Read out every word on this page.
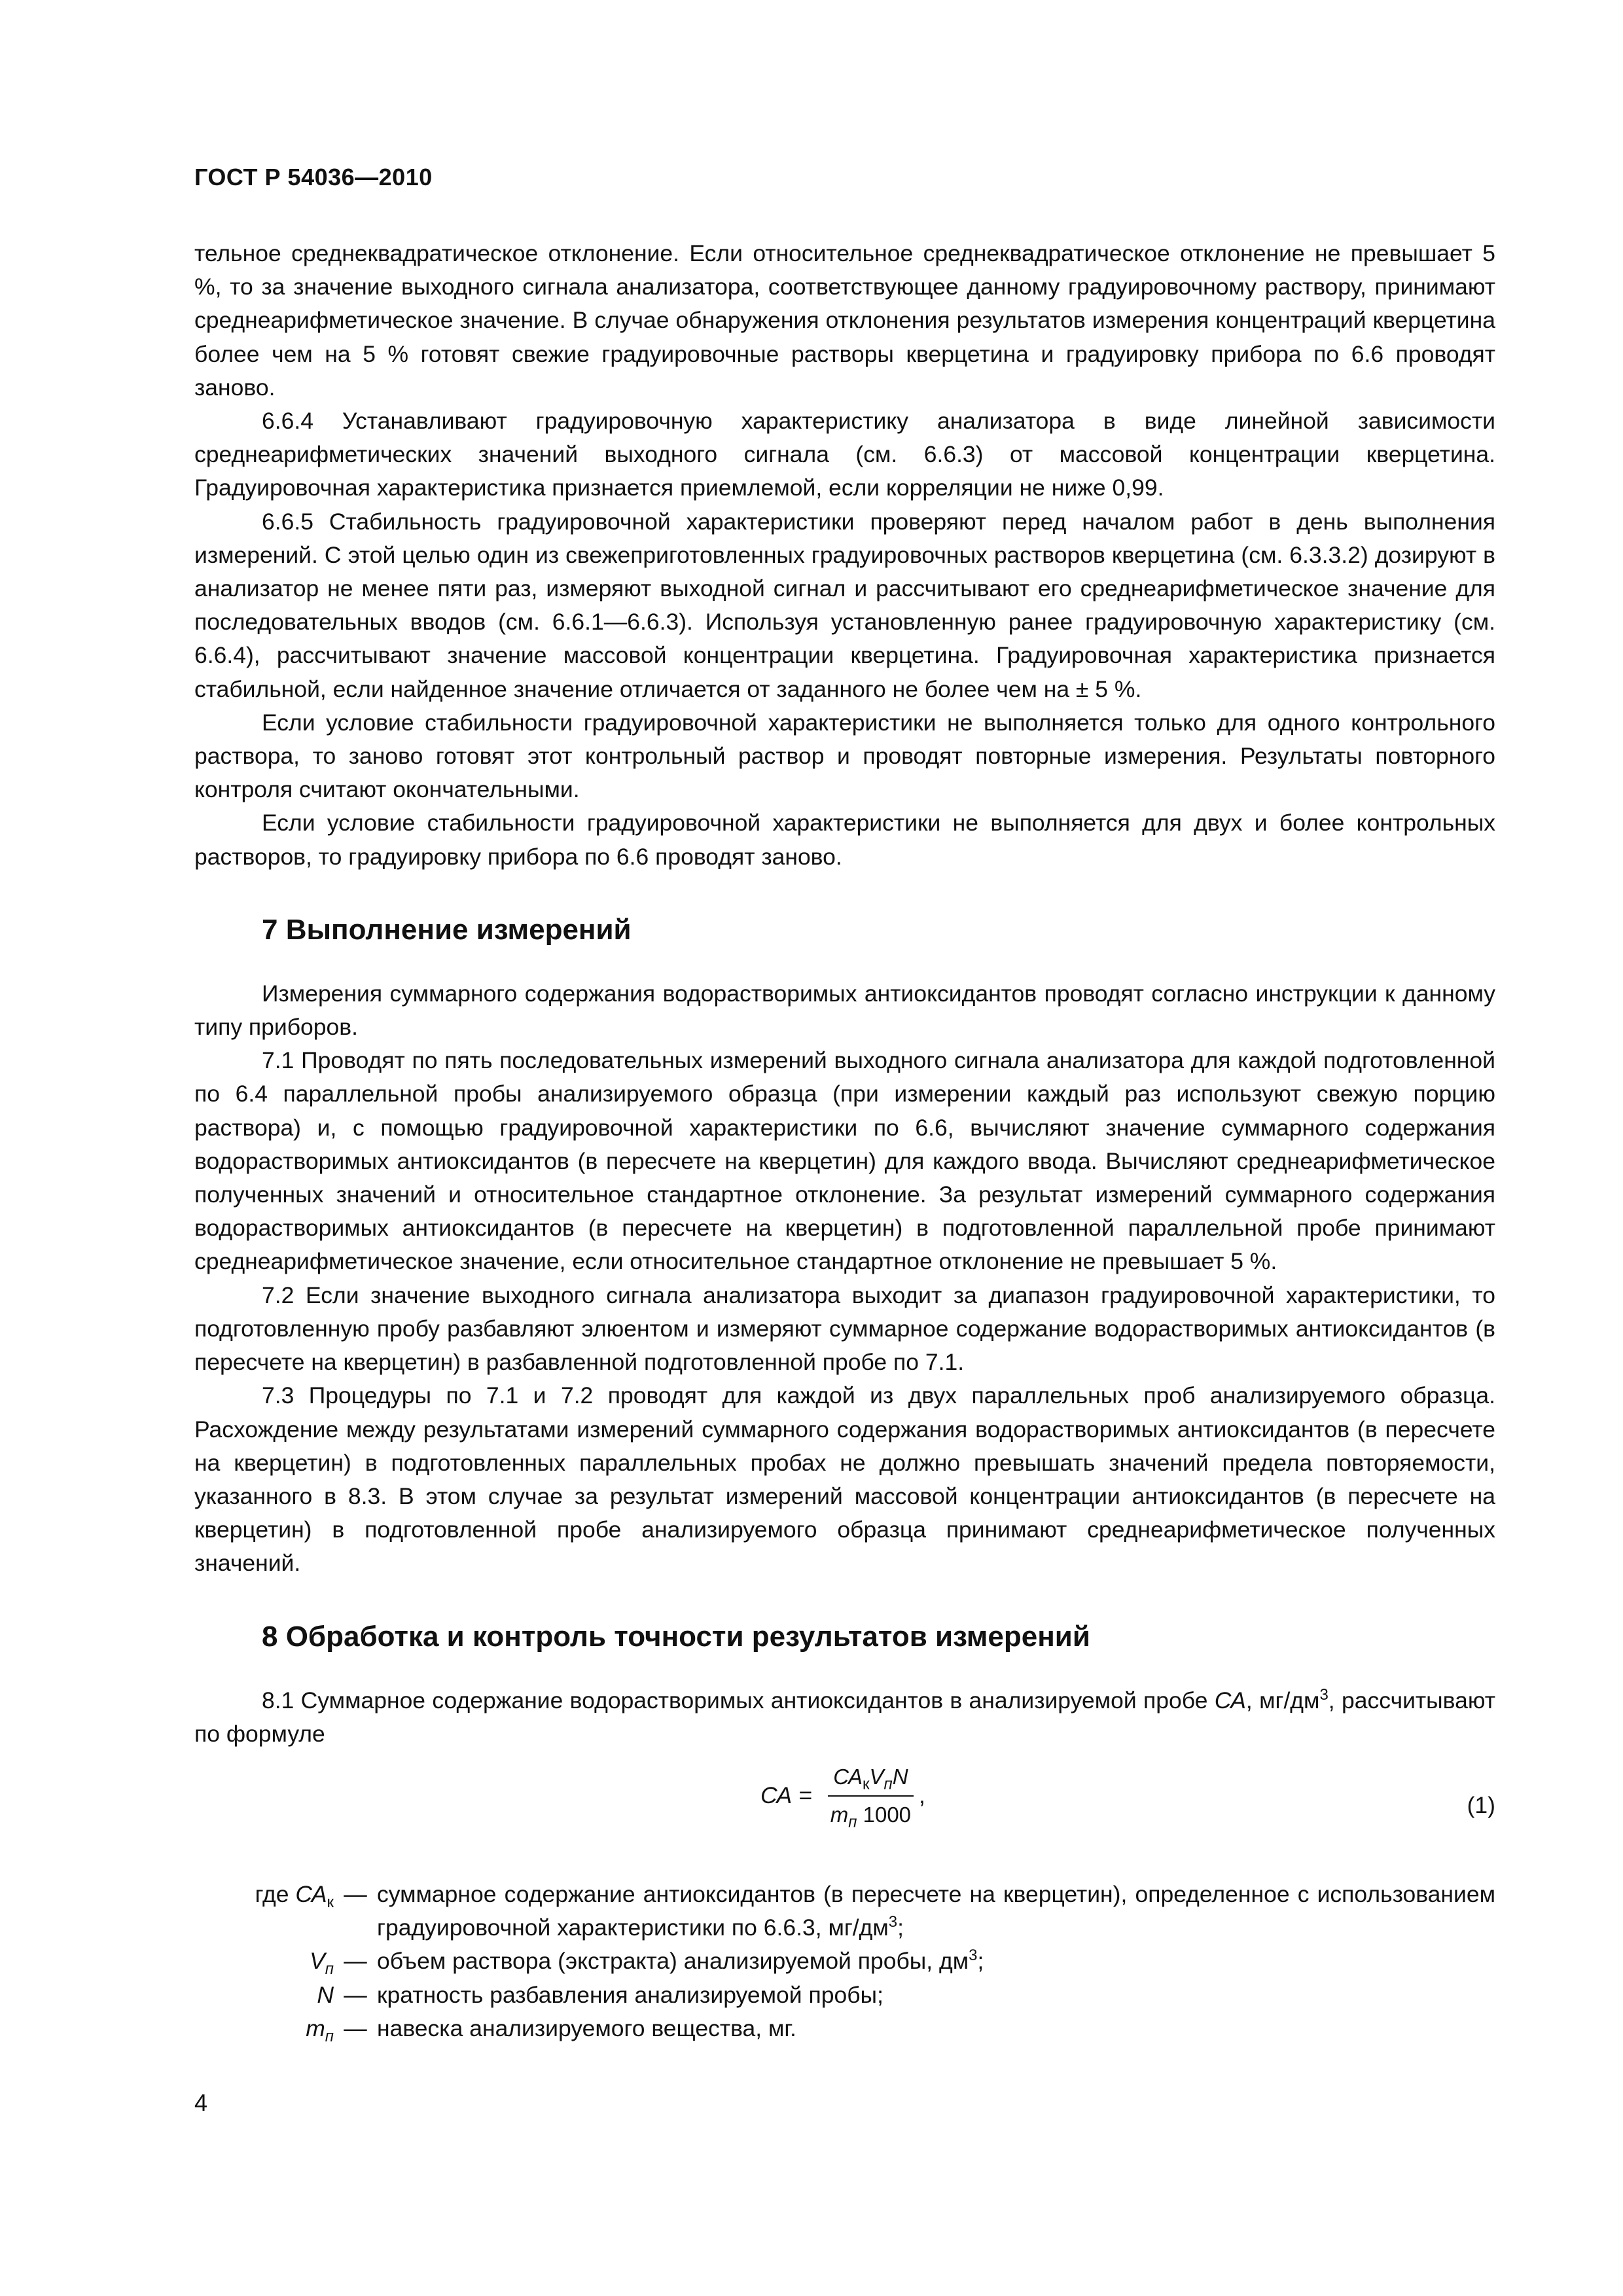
ГОСТ Р 54036—2010

тельное среднеквадратическое отклонение. Если относительное среднеквадратическое отклонение не превышает 5 %, то за значение выходного сигнала анализатора, соответствующее данному градуировочному раствору, принимают среднеарифметическое значение. В случае обнаружения отклонения результатов измерения концентраций кверцетина более чем на 5 % готовят свежие градуировочные растворы кверцетина и градуировку прибора по 6.6 проводят заново.

6.6.4 Устанавливают градуировочную характеристику анализатора в виде линейной зависимости среднеарифметических значений выходного сигнала (см. 6.6.3) от массовой концентрации кверцетина. Градуировочная характеристика признается приемлемой, если корреляции не ниже 0,99.

6.6.5 Стабильность градуировочной характеристики проверяют перед началом работ в день выполнения измерений. С этой целью один из свежеприготовленных градуировочных растворов кверцетина (см. 6.3.3.2) дозируют в анализатор не менее пяти раз, измеряют выходной сигнал и рассчитывают его среднеарифметическое значение для последовательных вводов (см. 6.6.1—6.6.3). Используя установленную ранее градуировочную характеристику (см. 6.6.4), рассчитывают значение массовой концентрации кверцетина. Градуировочная характеристика признается стабильной, если найденное значение отличается от заданного не более чем на ± 5 %.

Если условие стабильности градуировочной характеристики не выполняется только для одного контрольного раствора, то заново готовят этот контрольный раствор и проводят повторные измерения. Результаты повторного контроля считают окончательными.

Если условие стабильности градуировочной характеристики не выполняется для двух и более контрольных растворов, то градуировку прибора по 6.6 проводят заново.

7 Выполнение измерений

Измерения суммарного содержания водорастворимых антиоксидантов проводят согласно инструкции к данному типу приборов.

7.1 Проводят по пять последовательных измерений выходного сигнала анализатора для каждой подготовленной по 6.4 параллельной пробы анализируемого образца (при измерении каждый раз используют свежую порцию раствора) и, с помощью градуировочной характеристики по 6.6, вычисляют значение суммарного содержания водорастворимых антиоксидантов (в пересчете на кверцетин) для каждого ввода. Вычисляют среднеарифметическое полученных значений и относительное стандартное отклонение. За результат измерений суммарного содержания водорастворимых антиоксидантов (в пересчете на кверцетин) в подготовленной параллельной пробе принимают среднеарифметическое значение, если относительное стандартное отклонение не превышает 5 %.

7.2 Если значение выходного сигнала анализатора выходит за диапазон градуировочной характеристики, то подготовленную пробу разбавляют элюентом и измеряют суммарное содержание водорастворимых антиоксидантов (в пересчете на кверцетин) в разбавленной подготовленной пробе по 7.1.

7.3 Процедуры по 7.1 и 7.2 проводят для каждой из двух параллельных проб анализируемого образца. Расхождение между результатами измерений суммарного содержания водорастворимых антиоксидантов (в пересчете на кверцетин) в подготовленных параллельных пробах не должно превышать значений предела повторяемости, указанного в 8.3. В этом случае за результат измерений массовой концентрации антиоксидантов (в пересчете на кверцетин) в подготовленной пробе анализируемого образца принимают среднеарифметическое полученных значений.

8 Обработка и контроль точности результатов измерений

8.1 Суммарное содержание водорастворимых антиоксидантов в анализируемой пробе СА, $мг/дм^3$, рассчитывают по формуле

СА = $\frac{СА_кV_пN}{m_п 1000}$ ,	(1)
где $СА_к$ — суммарное содержание антиоксидантов (в пересчете на кверцетин), определенное с использованием градуировочной характеристики по 6.6.3, $мг/дм^3$;
$V_п$ — объем раствора (экстракта) анализируемой пробы, $дм^3$;
N — кратность разбавления анализируемой пробы;
$m_п$ — навеска анализируемого вещества, мг.
4
